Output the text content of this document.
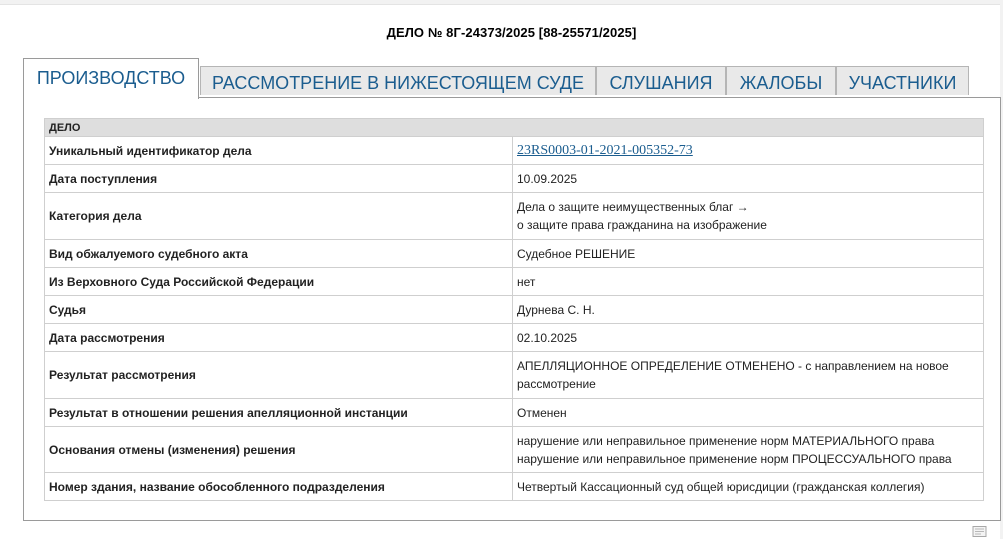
ДЕЛО № 8Г-24373/2025 [88-25571/2025]
ПРОИЗВОДСТВО	РАССМОТРЕНИЕ В НИЖЕСТОЯЩЕМ СУДЕ	СЛУШАНИЯ	ЖАЛОБЫ	УЧАСТНИКИ
ДЕЛО	
Уникальный идентификатор дела	23RS0003-01-2021-005352-73
Дата поступления	10.09.2025
Категория дела	Дела о защите неимущественных благ →
о защите права гражданина на изображение
Вид обжалуемого судебного акта	Судебное РЕШЕНИЕ
Из Верховного Суда Российской Федерации	нет
Судья	Дурнева С. Н.
Дата рассмотрения	02.10.2025
Результат рассмотрения	АПЕЛЛЯЦИОННОЕ ОПРЕДЕЛЕНИЕ ОТМЕНЕНО - с направлением на новое
рассмотрение
Результат в отношении решения апелляционной инстанции	Отменен
Основания отмены (изменения) решения	нарушение или неправильное применение норм МАТЕРИАЛЬНОГО права
нарушение или неправильное применение норм ПРОЦЕССУАЛЬНОГО права
Номер здания, название обособленного подразделения	Четвертый Кассационный суд общей юрисдиции (гражданская коллегия)
